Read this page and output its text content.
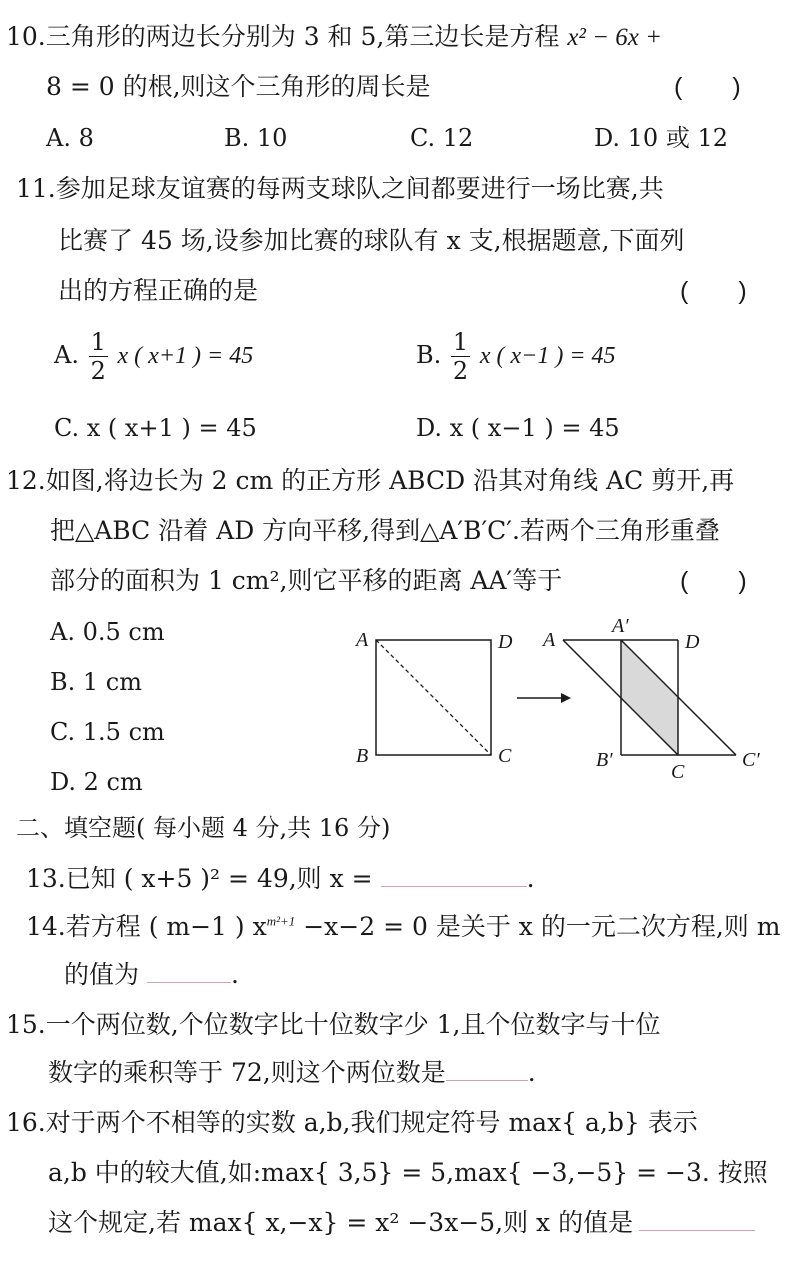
10.三角形的两边长分别为 3 和 5,第三边长是方程 x² − 6x +
8 = 0 的根,则这个三角形的周长是	(　　)
A. 8	B. 10	C. 12	D. 10 或 12
11.参加足球友谊赛的每两支球队之间都要进行一场比赛,共
比赛了 45 场,设参加比赛的球队有 x 支,根据题意,下面列
出的方程正确的是	(　　)
A. $\frac{1}{2}$ x ( x+1 ) = 45	B. $\frac{1}{2}$ x ( x−1 ) = 45
C. x ( x+1 ) = 45	D. x ( x−1 ) = 45
12.如图,将边长为 2 cm 的正方形 ABCD 沿其对角线 AC 剪开,再
把△ABC 沿着 AD 方向平移,得到△A′B′C′.若两个三角形重叠
部分的面积为 1 cm²,则它平移的距离 AA′等于	(　　)
A. 0.5 cm
B. 1 cm
C. 1.5 cm
D. 2 cm
A	D
B	C
A
A′
D
B′
C
C′
二、填空题( 每小题 4 分,共 16 分)
13.已知 ( x+5 )² = 49,则 x =	.
14.若方程 ( m−1 ) $x^{m^2+1} -x-2 = 0$ 是关于 x 的一元二次方程,则 m
的值为	.
15.一个两位数,个位数字比十位数字少 1,且个位数字与十位
数字的乘积等于 72,则这个两位数是	.
16.对于两个不相等的实数 a,b,我们规定符号 max{ a,b} 表示
a,b 中的较大值,如:max{ 3,5} = 5,max{ −3,−5} = −3. 按照
这个规定,若 max{ x,−x} = x² −3x−5,则 x 的值是
